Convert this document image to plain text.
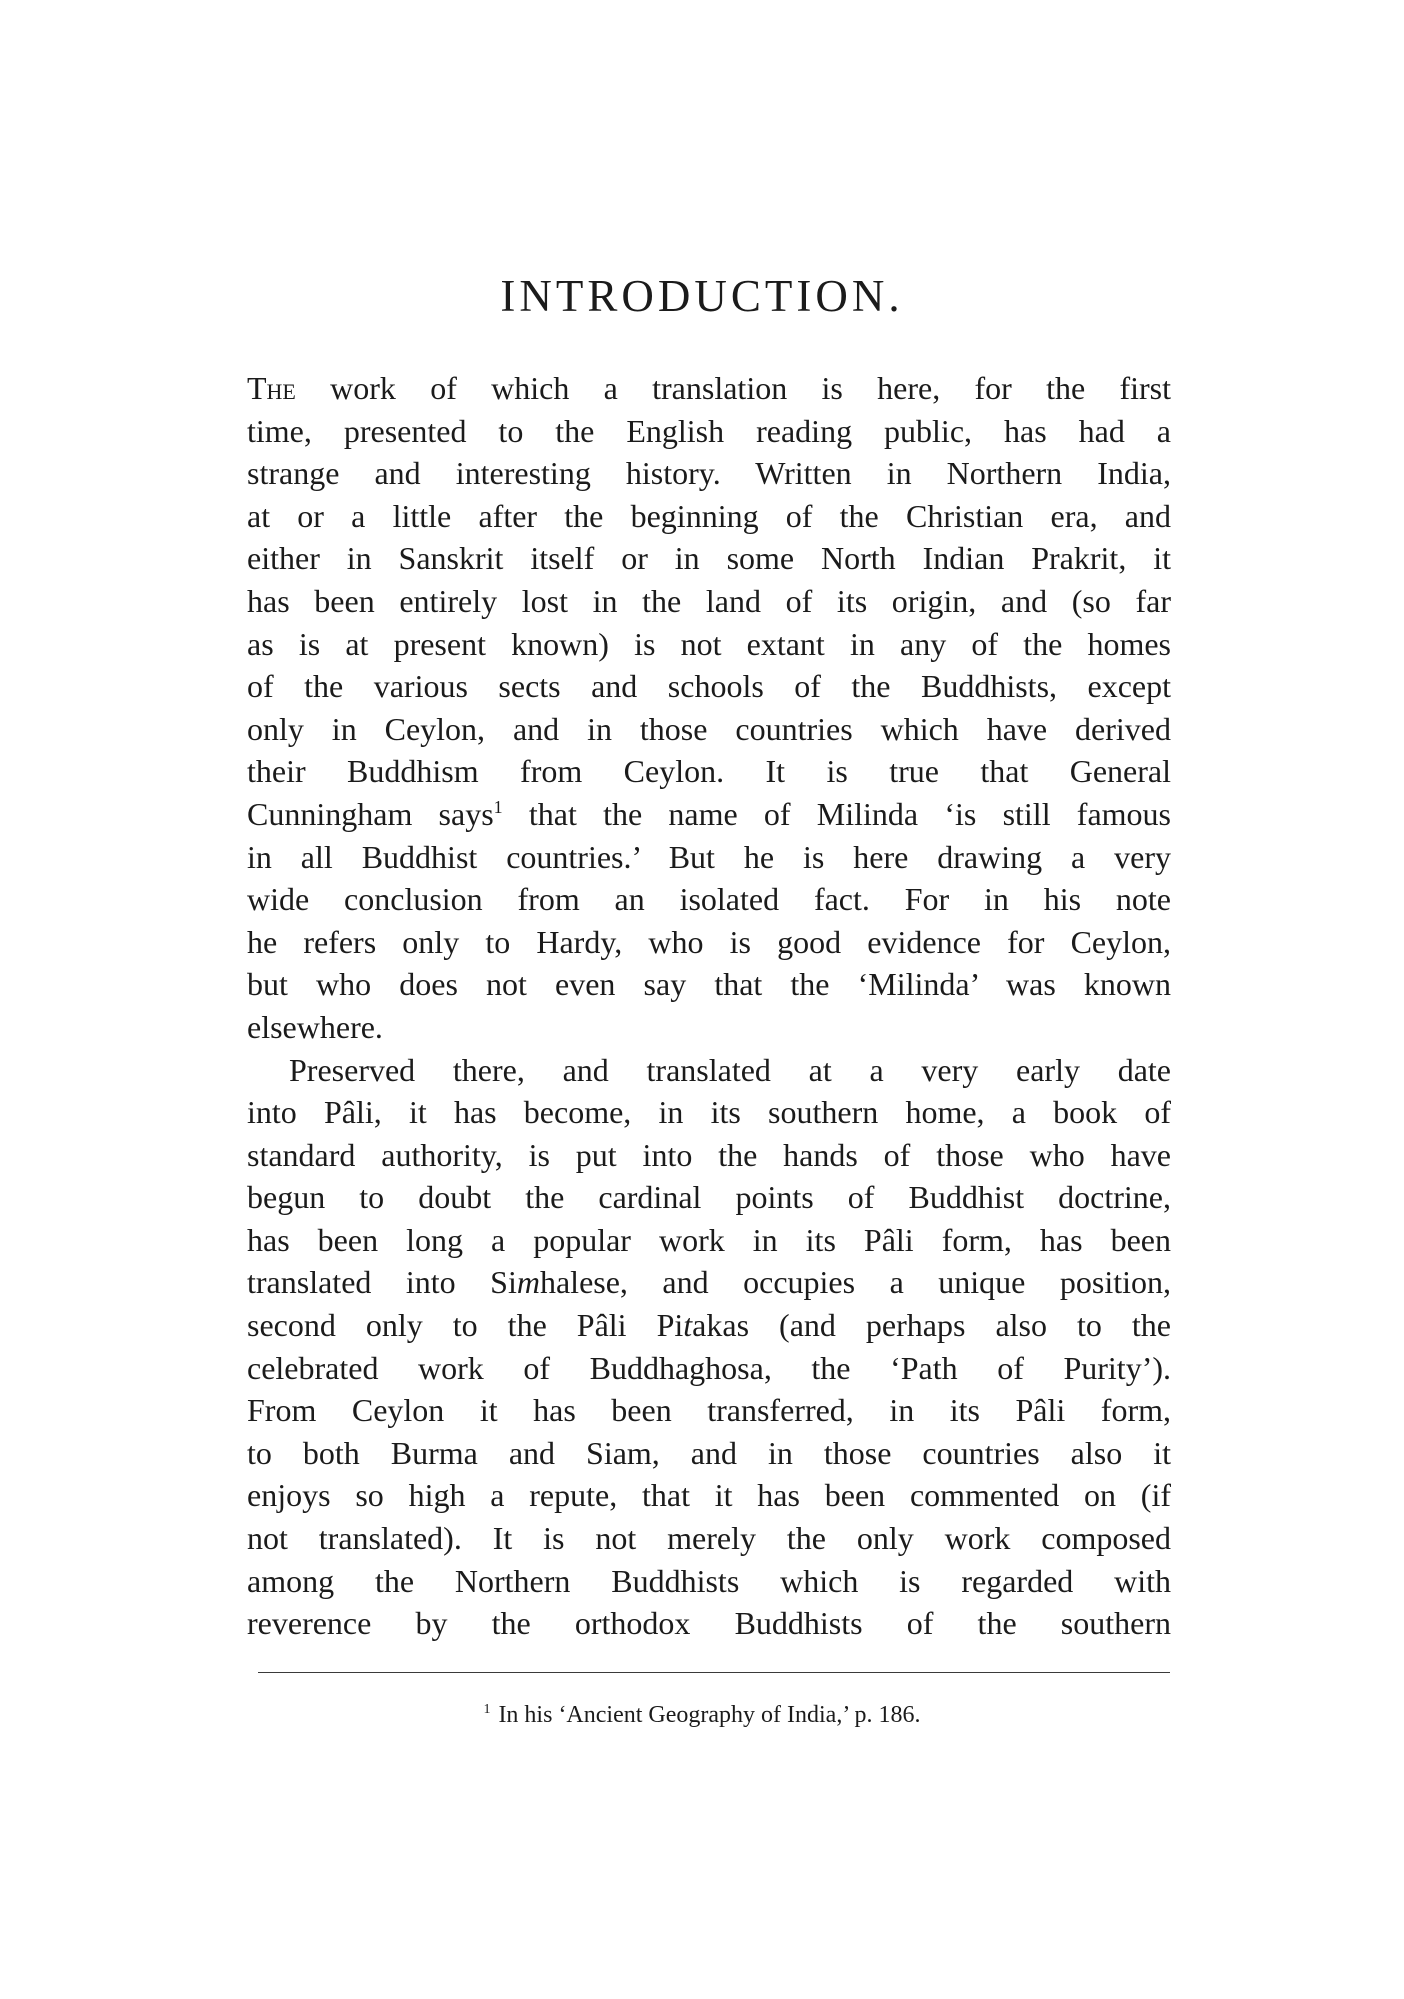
INTRODUCTION.
The work of which a translation is here, for the first
time, presented to the English reading public, has had a
strange and interesting history. Written in Northern India,
at or a little after the beginning of the Christian era, and
either in Sanskrit itself or in some North Indian Prakrit, it
has been entirely lost in the land of its origin, and (so far
as is at present known) is not extant in any of the homes
of the various sects and schools of the Buddhists, except
only in Ceylon, and in those countries which have derived
their Buddhism from Ceylon. It is true that General
Cunningham says$^1$ that the name of Milinda ‘is still famous
in all Buddhist countries.’ But he is here drawing a very
wide conclusion from an isolated fact. For in his note
he refers only to Hardy, who is good evidence for Ceylon,
but who does not even say that the ‘Milinda’ was known
elsewhere.
Preserved there, and translated at a very early date
into Pâli, it has become, in its southern home, a book of
standard authority, is put into the hands of those who have
begun to doubt the cardinal points of Buddhist doctrine,
has been long a popular work in its Pâli form, has been
translated into Simhalese, and occupies a unique position,
second only to the Pâli Pitakas (and perhaps also to the
celebrated work of Buddhaghosa, the ‘Path of Purity’).
From Ceylon it has been transferred, in its Pâli form,
to both Burma and Siam, and in those countries also it
enjoys so high a repute, that it has been commented on (if
not translated). It is not merely the only work composed
among the Northern Buddhists which is regarded with
reverence by the orthodox Buddhists of the southern
$^1$ In his ‘Ancient Geography of India,’ p. 186.
